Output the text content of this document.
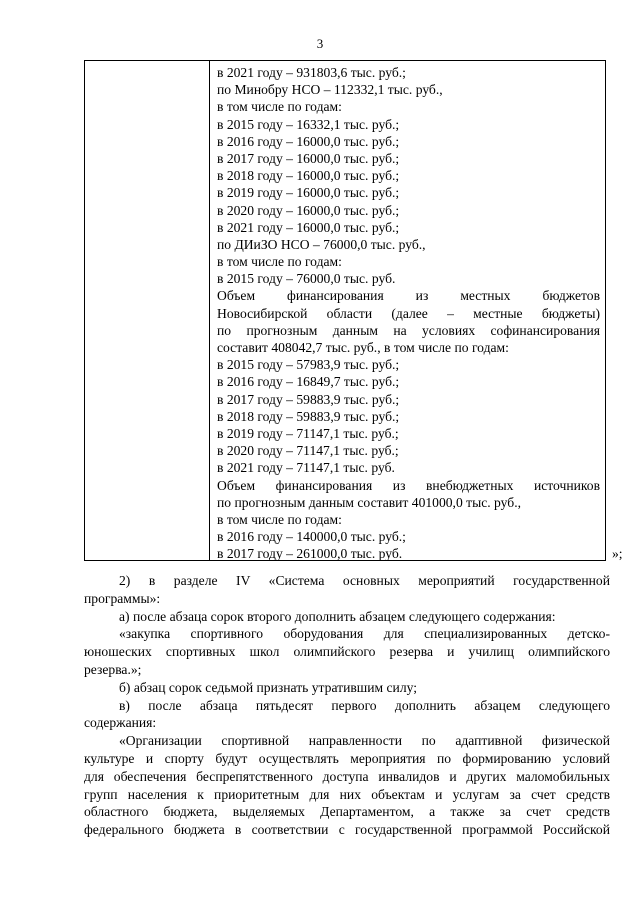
3
в 2021 году – 931803,6 тыс. руб.;
по Минобру НСО – 112332,1 тыс. руб.,
в том числе по годам:
в 2015 году – 16332,1 тыс. руб.;
в 2016 году – 16000,0 тыс. руб.;
в 2017 году – 16000,0 тыс. руб.;
в 2018 году – 16000,0 тыс. руб.;
в 2019 году – 16000,0 тыс. руб.;
в 2020 году – 16000,0 тыс. руб.;
в 2021 году – 16000,0 тыс. руб.;
по ДИиЗО НСО – 76000,0 тыс. руб.,
в том числе по годам:
в 2015 году – 76000,0 тыс. руб.
Объем финансирования из местных бюджетов
Новосибирской области (далее – местные бюджеты)
по прогнозным данным на условиях софинансирования
составит 408042,7 тыс. руб., в том числе по годам:
в 2015 году – 57983,9 тыс. руб.;
в 2016 году – 16849,7 тыс. руб.;
в 2017 году – 59883,9 тыс. руб.;
в 2018 году – 59883,9 тыс. руб.;
в 2019 году – 71147,1 тыс. руб.;
в 2020 году – 71147,1 тыс. руб.;
в 2021 году – 71147,1 тыс. руб.
Объем финансирования из внебюджетных источников
по прогнозным данным составит 401000,0 тыс. руб.,
в том числе по годам:
в 2016 году – 140000,0 тыс. руб.;
в 2017 году – 261000,0 тыс. руб.	»;
2) в разделе IV «Система основных мероприятий государственной
программы»:
а) после абзаца сорок второго дополнить абзацем следующего содержания:
«закупка спортивного оборудования для специализированных детско-
юношеских спортивных школ олимпийского резерва и училищ олимпийского
резерва.»;
б) абзац сорок седьмой признать утратившим силу;
в) после абзаца пятьдесят первого дополнить абзацем следующего
содержания:
«Организации спортивной направленности по адаптивной физической
культуре и спорту будут осуществлять мероприятия по формированию условий
для обеспечения беспрепятственного доступа инвалидов и других маломобильных
групп населения к приоритетным для них объектам и услугам за счет средств
областного бюджета, выделяемых Департаментом, а также за счет средств
федерального бюджета в соответствии с государственной программой Российской
